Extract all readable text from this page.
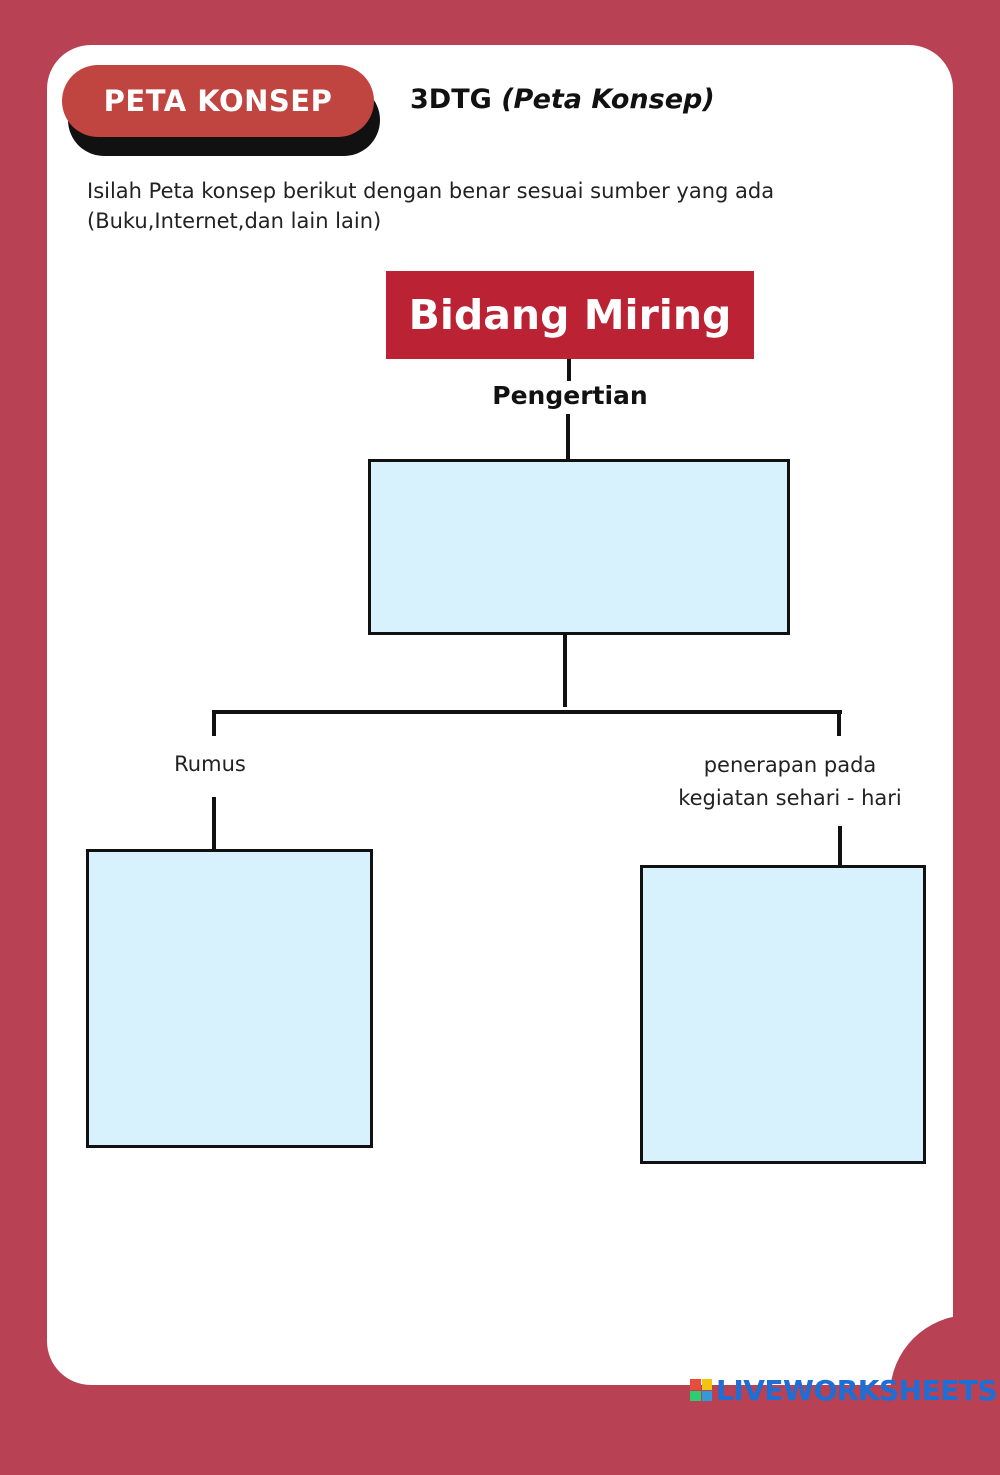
PETA KONSEP	3DTG (Peta Konsep)
Isilah Peta konsep berikut dengan benar sesuai sumber yang ada
(Buku,Internet,dan lain lain)
Bidang Miring
Pengertian
Rumus	penerapan pada
kegiatan sehari - hari
LIVEWORKSHEETS
